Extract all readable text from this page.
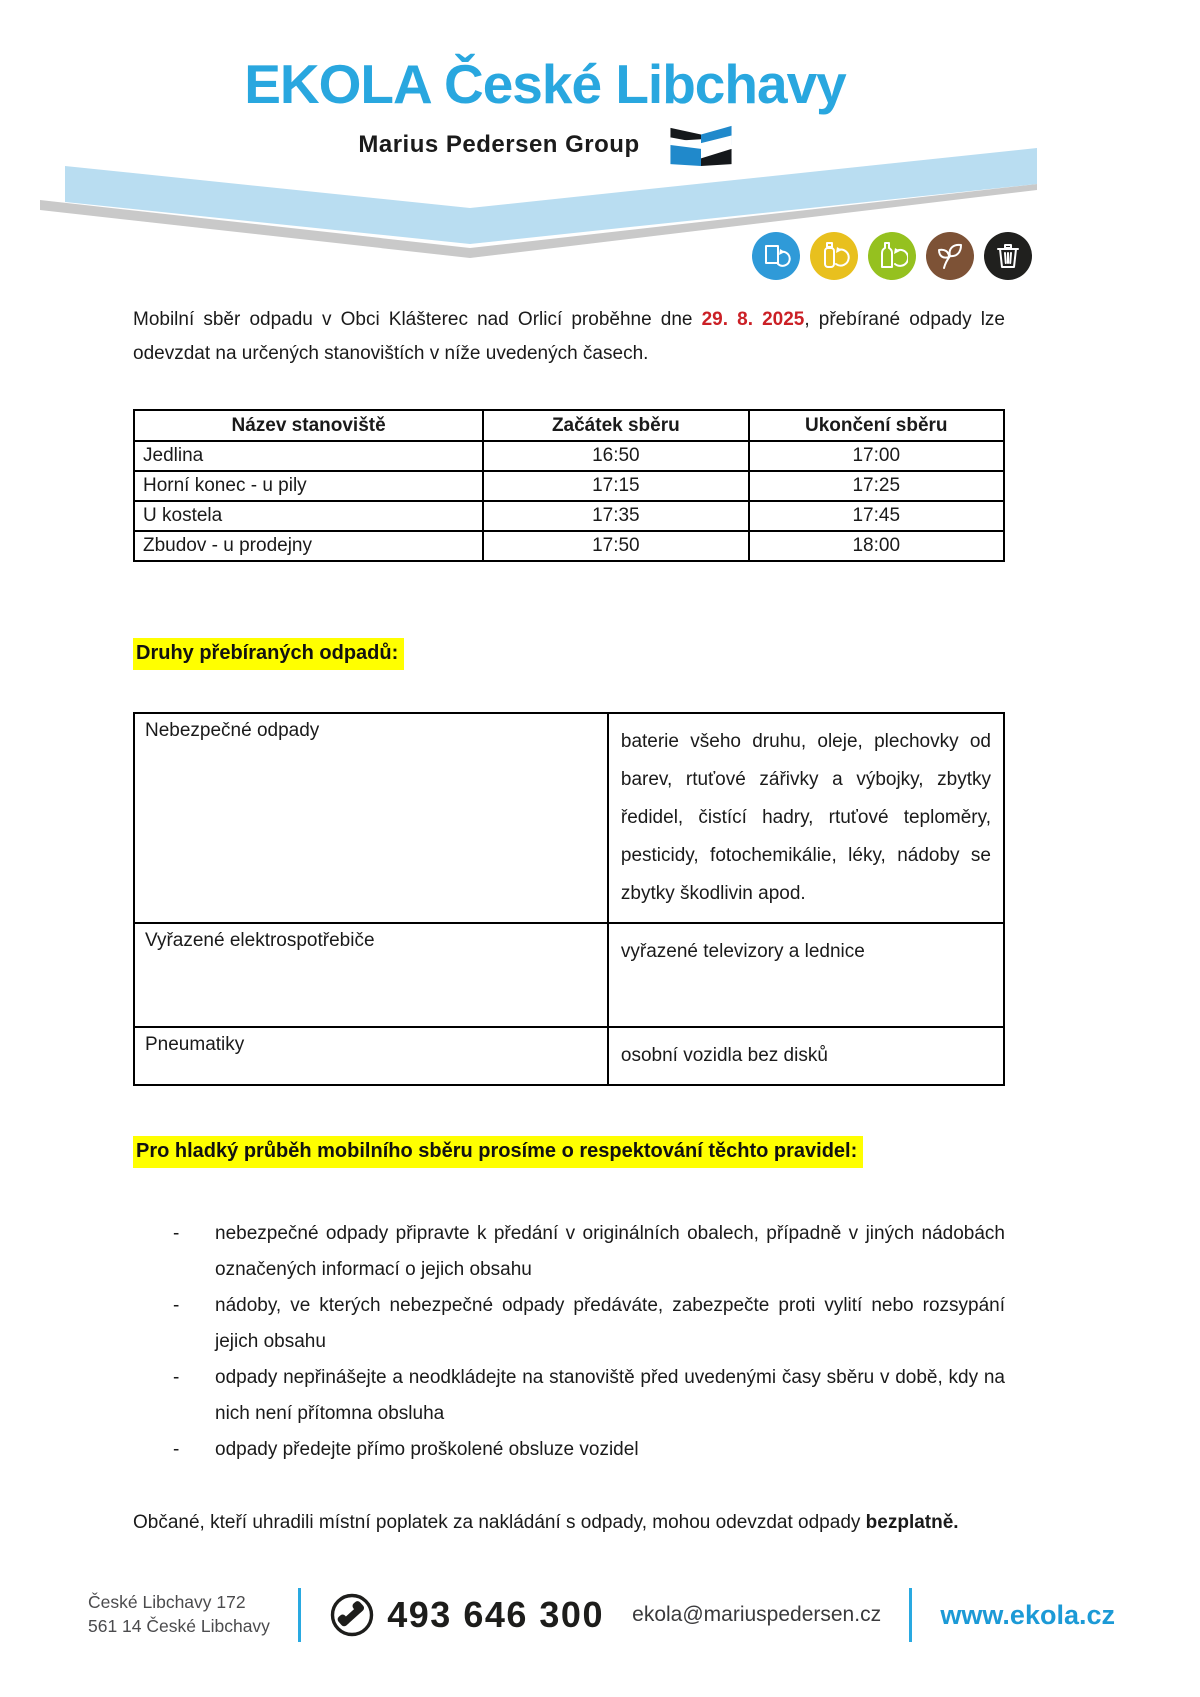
EKOLA České Libchavy
Marius Pedersen Group

Mobilní sběr odpadu v Obci Klášterec nad Orlicí proběhne dne 29. 8. 2025, přebírané odpady lze odevzdat na určených stanovištích v níže uvedených časech.

Název stanoviště	Začátek sběru	Ukončení sběru
Jedlina	16:50	17:00
Horní konec - u pily	17:15	17:25
U kostela	17:35	17:45
Zbudov - u prodejny	17:50	18:00
Druhy přebíraných odpadů:
Nebezpečné odpady	baterie všeho druhu, oleje, plechovky od barev, rtuťové zářivky a výbojky, zbytky ředidel, čistící hadry, rtuťové teploměry, pesticidy, fotochemikálie, léky, nádoby se zbytky škodlivin apod.
Vyřazené elektrospotřebiče	vyřazené televizory a lednice
Pneumatiky	osobní vozidla bez disků
Pro hladký průběh mobilního sběru prosíme o respektování těchto pravidel:
- nebezpečné odpady připravte k předání v originálních obalech, případně v jiných nádobách označených informací o jejich obsahu
- nádoby, ve kterých nebezpečné odpady předáváte, zabezpečte proti vylití nebo rozsypání jejich obsahu
- odpady nepřinášejte a neodkládejte na stanoviště před uvedenými časy sběru v době, kdy na nich není přítomna obsluha
- odpady předejte přímo proškolené obsluze vozidel

Občané, kteří uhradili místní poplatek za nakládání s odpady, mohou odevzdat odpady bezplatně.

České Libchavy 172
561 14 České Libchavy	493 646 300 ekola@mariuspedersen.cz www.ekola.cz
